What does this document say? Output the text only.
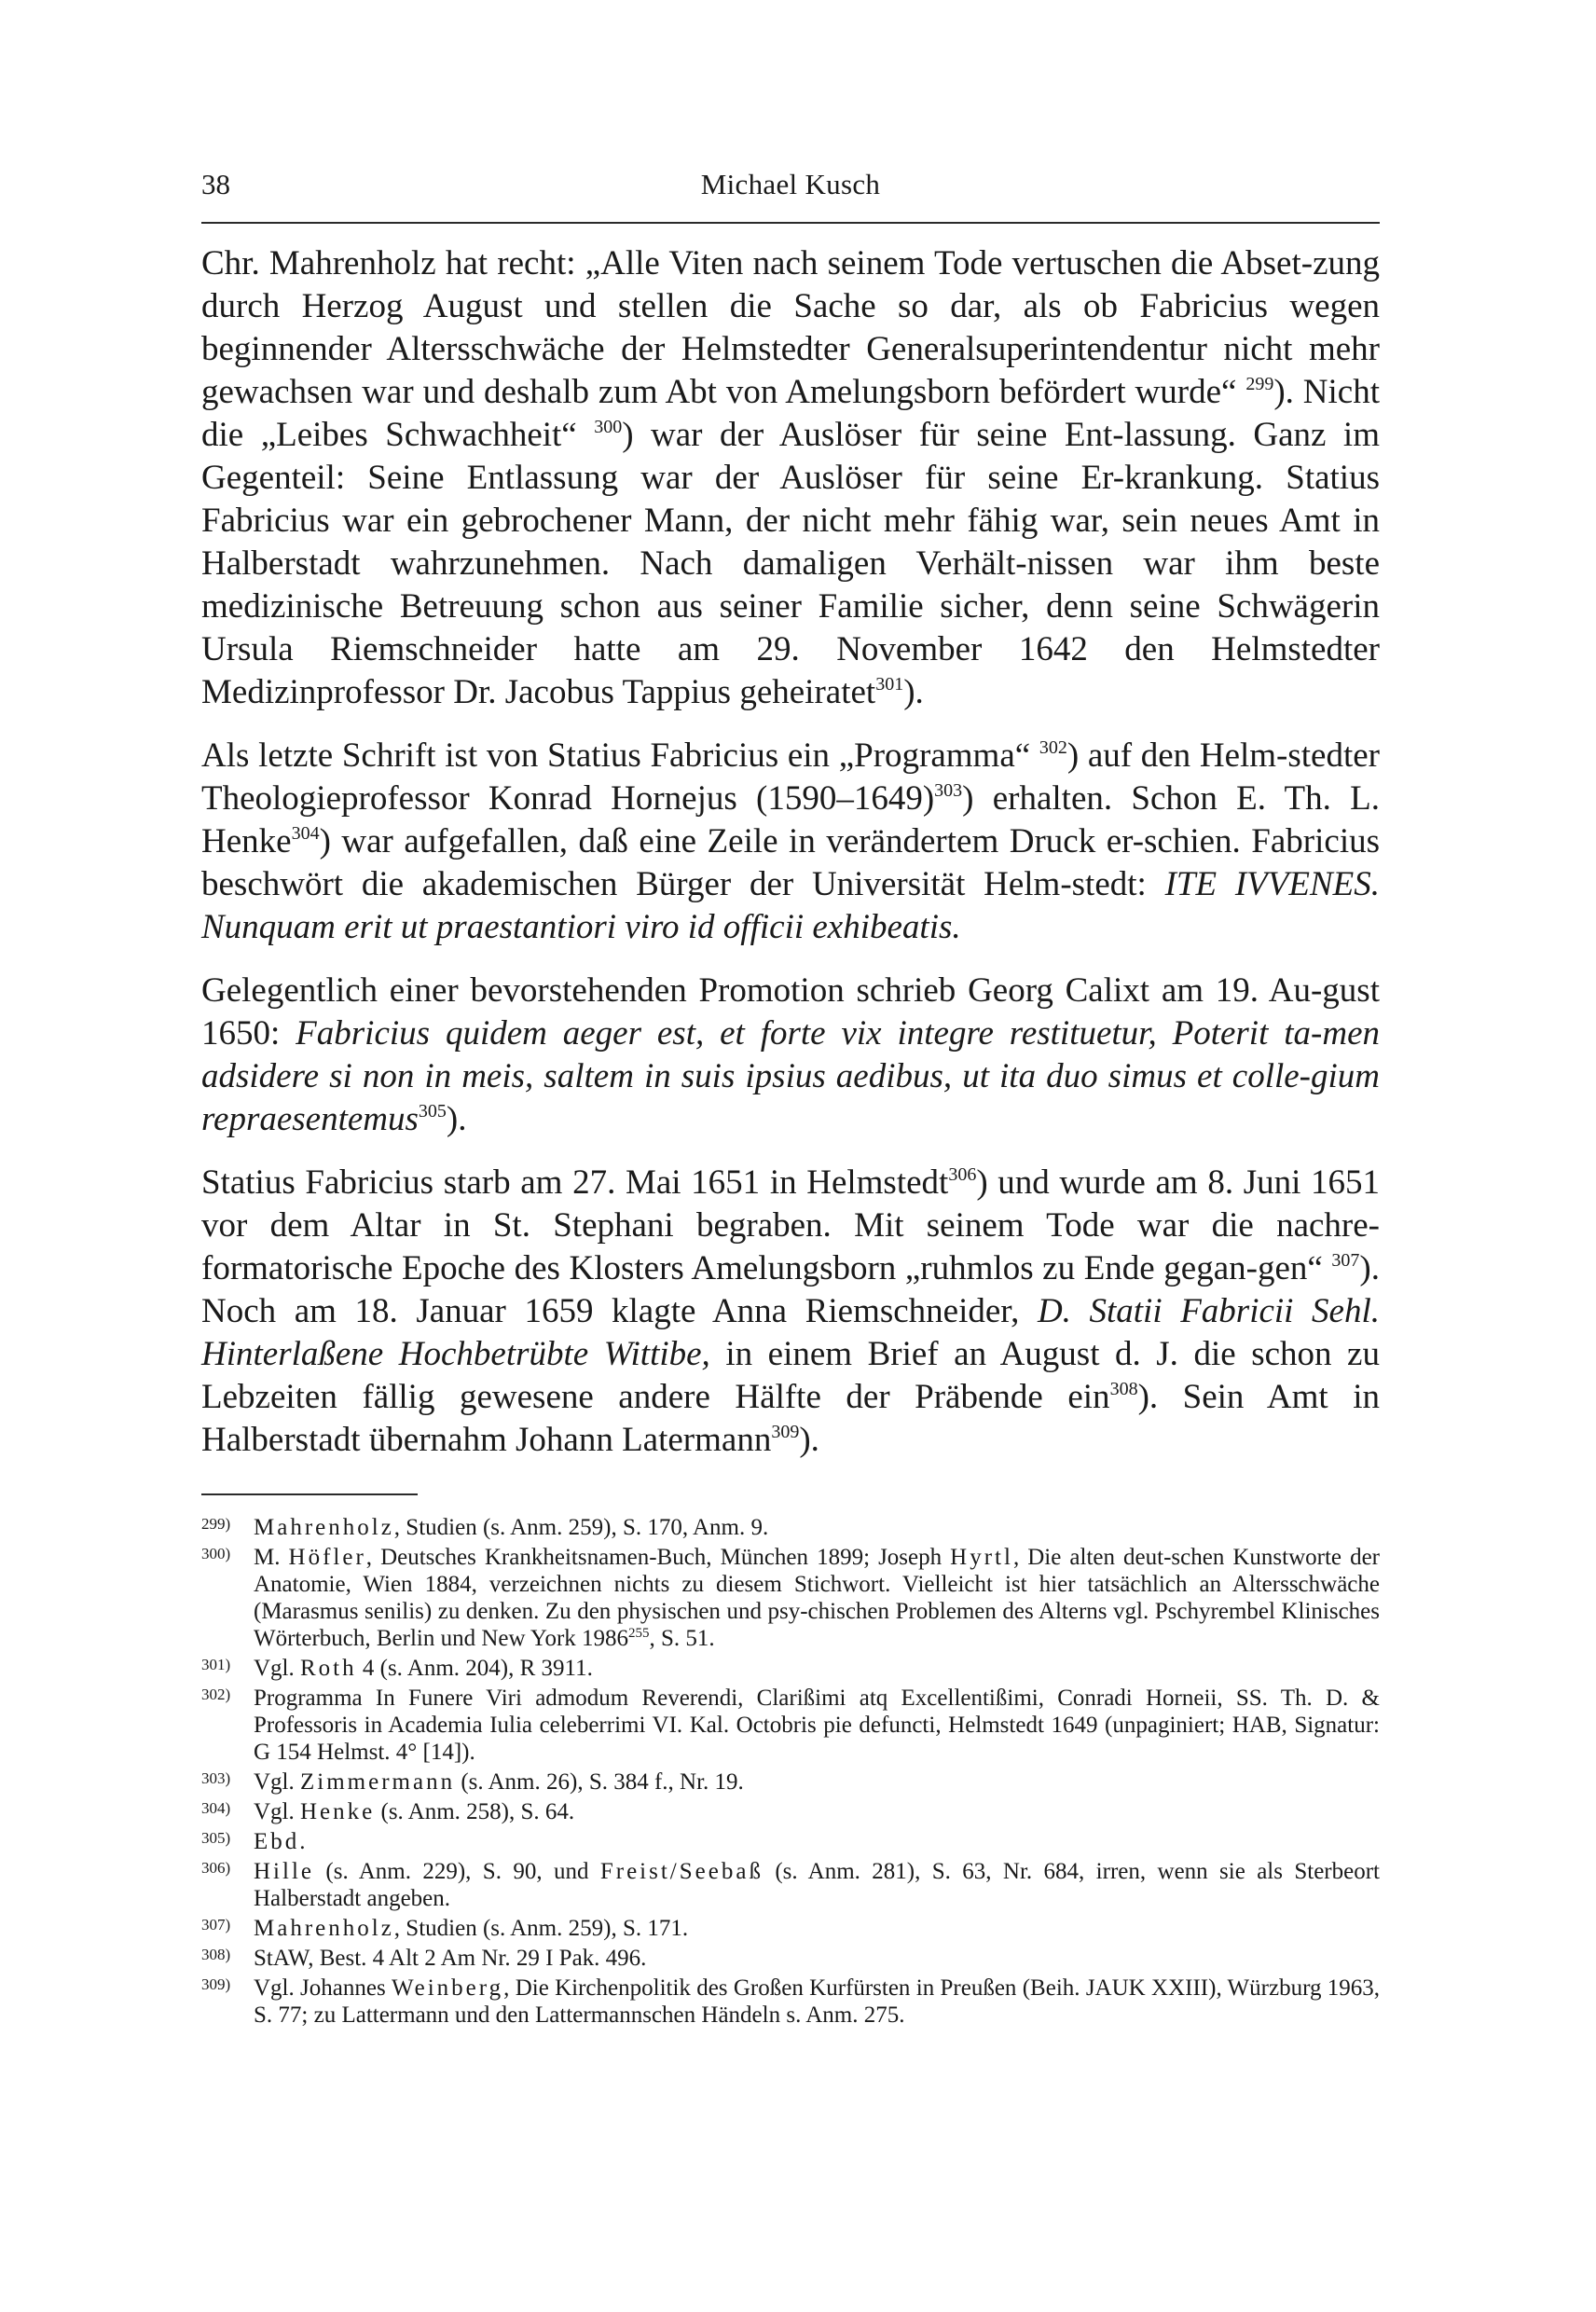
38	Michael Kusch

Chr. Mahrenholz hat recht: „Alle Viten nach seinem Tode vertuschen die Abset-zung durch Herzog August und stellen die Sache so dar, als ob Fabricius wegen beginnender Altersschwäche der Helmstedter Generalsuperintendentur nicht mehr gewachsen war und deshalb zum Abt von Amelungsborn befördert wurde“ $^{299}$). Nicht die „Leibes Schwachheit“ $^{300}$) war der Auslöser für seine Ent-lassung. Ganz im Gegenteil: Seine Entlassung war der Auslöser für seine Er-krankung. Statius Fabricius war ein gebrochener Mann, der nicht mehr fähig war, sein neues Amt in Halberstadt wahrzunehmen. Nach damaligen Verhält-nissen war ihm beste medizinische Betreuung schon aus seiner Familie sicher, denn seine Schwägerin Ursula Riemschneider hatte am 29. November 1642 den Helmstedter Medizinprofessor Dr. Jacobus Tappius geheiratet$^{301}$).

Als letzte Schrift ist von Statius Fabricius ein „Programma“ $^{302}$) auf den Helm-stedter Theologieprofessor Konrad Hornejus (1590–1649)$^{303}$) erhalten. Schon E. Th. L. Henke$^{304}$) war aufgefallen, daß eine Zeile in verändertem Druck er-schien. Fabricius beschwört die akademischen Bürger der Universität Helm-stedt: ITE IVVENES. Nunquam erit ut praestantiori viro id officii exhibeatis.

Gelegentlich einer bevorstehenden Promotion schrieb Georg Calixt am 19. Au-gust 1650: Fabricius quidem aeger est, et forte vix integre restituetur, Poterit ta-men adsidere si non in meis, saltem in suis ipsius aedibus, ut ita duo simus et colle-gium repraesentemus$^{305}$).

Statius Fabricius starb am 27. Mai 1651 in Helmstedt$^{306}$) und wurde am 8. Juni 1651 vor dem Altar in St. Stephani begraben. Mit seinem Tode war die nachre-formatorische Epoche des Klosters Amelungsborn „ruhmlos zu Ende gegan-gen“ $^{307}$). Noch am 18. Januar 1659 klagte Anna Riemschneider, D. Statii Fabricii Sehl. Hinterlaßene Hochbetrübte Wittibe, in einem Brief an August d. J. die schon zu Lebzeiten fällig gewesene andere Hälfte der Präbende ein$^{308}$). Sein Amt in Halberstadt übernahm Johann Latermann$^{309}$).

299) Mahrenholz, Studien (s. Anm. 259), S. 170, Anm. 9.
300) M. Höfler, Deutsches Krankheitsnamen-Buch, München 1899; Joseph Hyrtl, Die alten deut-schen Kunstworte der Anatomie, Wien 1884, verzeichnen nichts zu diesem Stichwort. Vielleicht ist hier tatsächlich an Altersschwäche (Marasmus senilis) zu denken. Zu den physischen und psy-chischen Problemen des Alterns vgl. Pschyrembel Klinisches Wörterbuch, Berlin und New York 1986$^{255}$, S. 51.
301) Vgl. Roth 4 (s. Anm. 204), R 3911.
302) Programma In Funere Viri admodum Reverendi, Clarißimi atq Excellentißimi, Conradi Horneii, SS. Th. D. & Professoris in Academia Iulia celeberrimi VI. Kal. Octobris pie defuncti, Helmstedt 1649 (unpaginiert; HAB, Signatur: G 154 Helmst. 4° [14]).
303) Vgl. Zimmermann (s. Anm. 26), S. 384 f., Nr. 19.
304) Vgl. Henke (s. Anm. 258), S. 64.
305) Ebd.
306) Hille (s. Anm. 229), S. 90, und Freist/Seebaß (s. Anm. 281), S. 63, Nr. 684, irren, wenn sie als Sterbeort Halberstadt angeben.
307) Mahrenholz, Studien (s. Anm. 259), S. 171.
308) StAW, Best. 4 Alt 2 Am Nr. 29 I Pak. 496.
309) Vgl. Johannes Weinberg, Die Kirchenpolitik des Großen Kurfürsten in Preußen (Beih. JAUK XXIII), Würzburg 1963, S. 77; zu Lattermann und den Lattermannschen Händeln s. Anm. 275.
